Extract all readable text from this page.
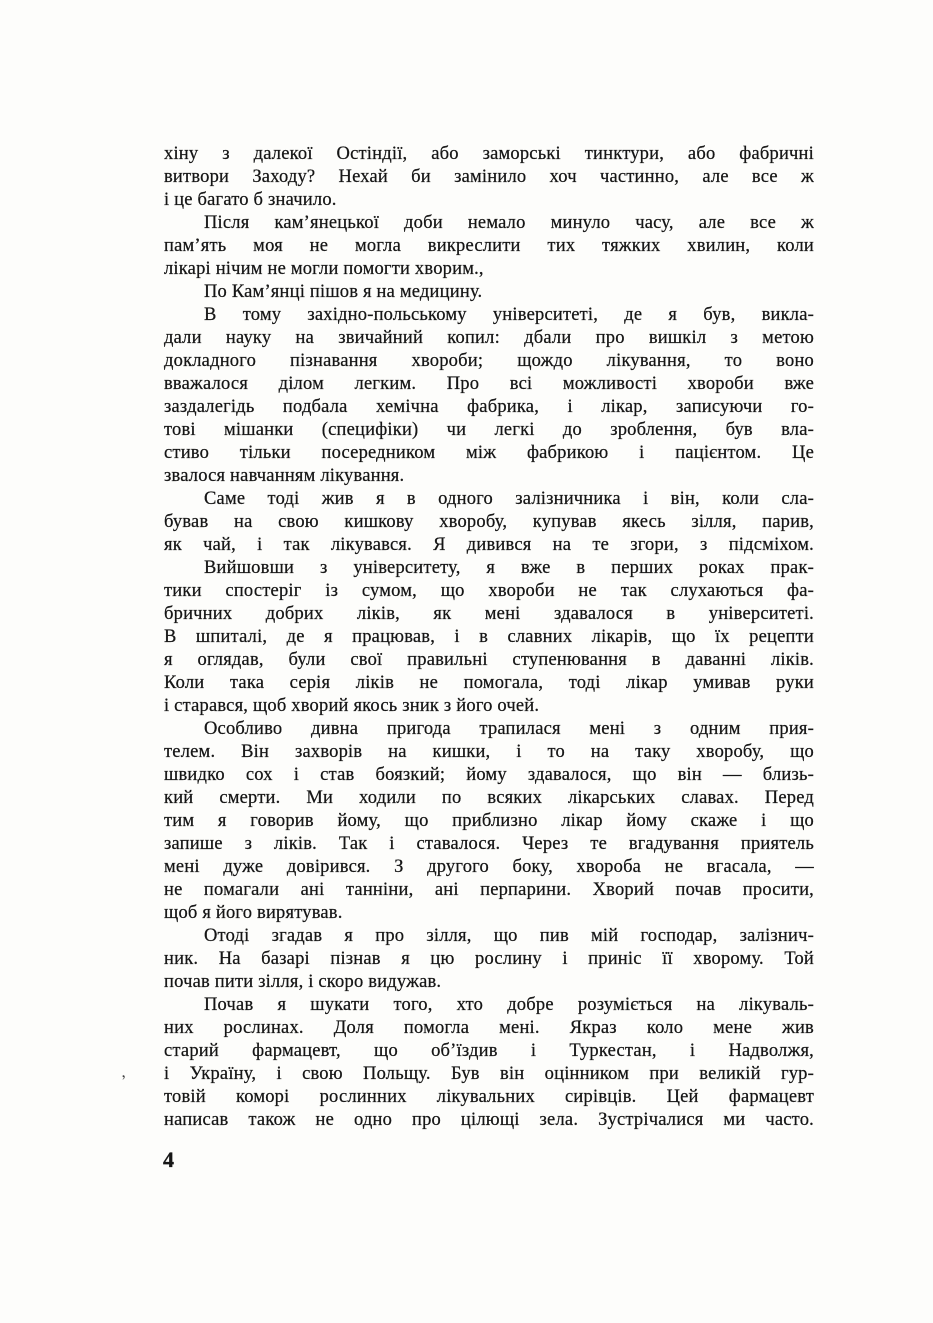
хіну з далекої Остіндії, або заморські тинктури, або фабричні
витвори Заходу? Нехай би замінило хоч частинно, але все ж
і це багато б значило.
Після кам’янецької доби немало минуло часу, але все ж
пам’ять моя не могла викреслити тих тяжких хвилин, коли
лікарі нічим не могли помогти хворим.,
По Кам’янці пішов я на медицину.
В тому західно-польському університеті, де я був, викла-
дали науку на звичайний копил: дбали про вишкіл з метою
докладного пізнавання хвороби; щождо лікування, то воно
вважалося ділом легким. Про всі можливості хвороби вже
заздалегідь подбала хемічна фабрика, і лікар, записуючи го-
тові мішанки (специфіки) чи легкі до зроблення, був вла-
стиво тільки посередником між фабрикою і пацієнтом. Це
звалося навчанням лікування.
Саме тоді жив я в одного залізничника і він, коли сла-
бував на свою кишкову хворобу, купував якесь зілля, парив,
як чай, і так лікувався. Я дивився на те згори, з підсміхом.
Вийшовши з університету, я вже в перших роках прак-
тики спостеріг із сумом, що хвороби не так слухаються фа-
бричних добрих ліків, як мені здавалося в університеті.
В шпиталі, де я працював, і в славних лікарів, що їх рецепти
я оглядав, були свої правильні ступенювання в даванні ліків.
Коли така серія ліків не помогала, тоді лікар умивав руки
і старався, щоб хворий якось зник з його очей.
Особливо дивна пригода трапилася мені з одним прия-
телем. Він захворів на кишки, і то на таку хворобу, що
швидко сох і став боязкий; йому здавалося, що він — близь-
кий смерти. Ми ходили по всяких лікарських славах. Перед
тим я говорив йому, що приблизно лікар йому скаже і що
запише з ліків. Так і ставалося. Через те вгадування приятель
мені дуже довірився. З другого боку, хвороба не вгасала, —
не помагали ані танніни, ані перпарини. Хворий почав просити,
щоб я його вирятував.
Отоді згадав я про зілля, що пив мій господар, залізнич-
ник. На базарі пізнав я цю рослину і приніс її хворому. Той
почав пити зілля, і скоро видужав.
Почав я шукати того, хто добре розуміється на лікуваль-
них рослинах. Доля помогла мені. Якраз коло мене жив
старий фармацевт, що об’їздив і Туркестан, і Надволжя,
і Україну, і свою Польщу. Був він оцінником при великій гур-
товій коморі рослинних лікувальних сирівців. Цей фармацевт
написав також не одно про цілющі зела. Зустрічалися ми часто.
,
4
